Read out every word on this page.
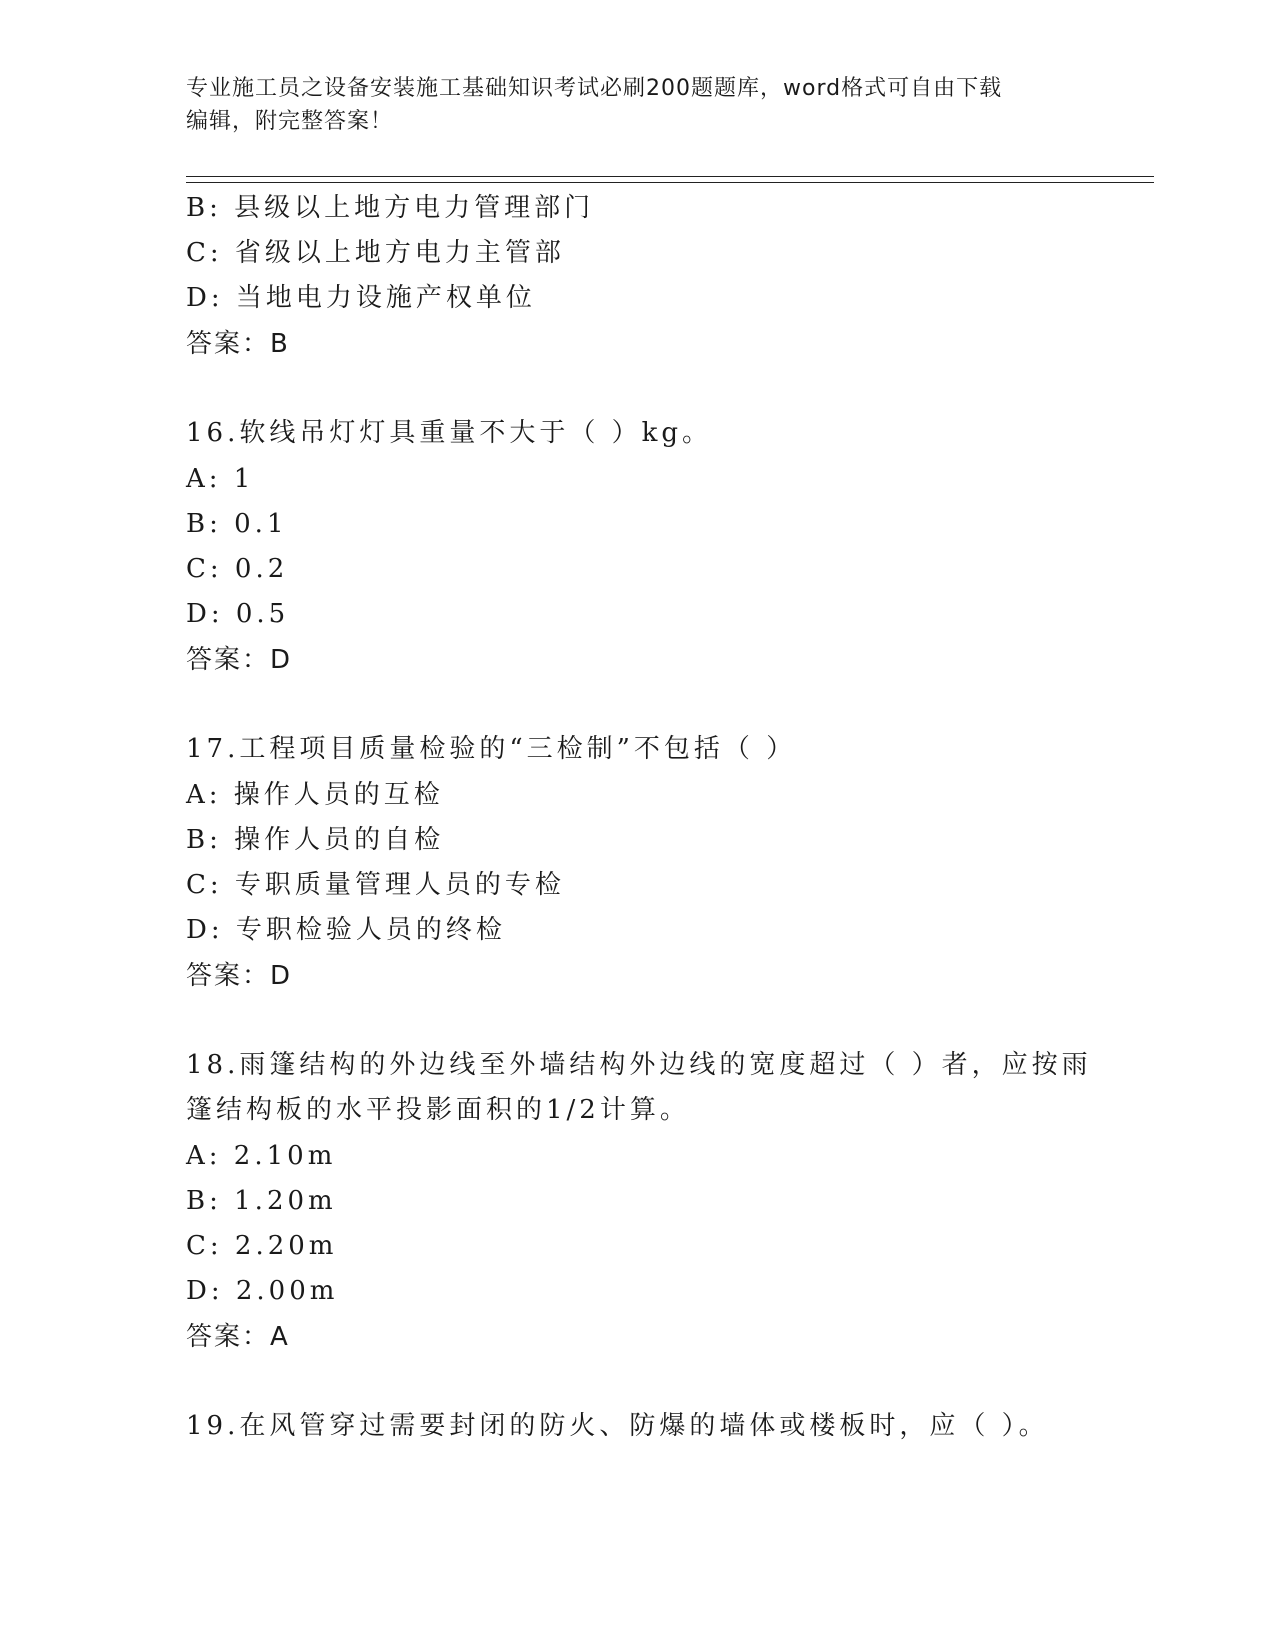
专业施工员之设备安装施工基础知识考试必刷200题题库，word格式可自由下载
编辑，附完整答案！
B: 县级以上地方电力管理部门
C: 省级以上地方电力主管部
D: 当地电力设施产权单位
答案：B
16.软线吊灯灯具重量不大于（ ）kg。
A: 1
B: 0.1
C: 0.2
D: 0.5
答案：D
17.工程项目质量检验的“三检制”不包括（ ）
A: 操作人员的互检
B: 操作人员的自检
C: 专职质量管理人员的专检
D: 专职检验人员的终检
答案：D
18.雨篷结构的外边线至外墙结构外边线的宽度超过（ ）者，应按雨
篷结构板的水平投影面积的1/2计算。
A: 2.10m
B: 1.20m
C: 2.20m
D: 2.00m
答案：A
19.在风管穿过需要封闭的防火、防爆的墙体或楼板时，应（ ）。
